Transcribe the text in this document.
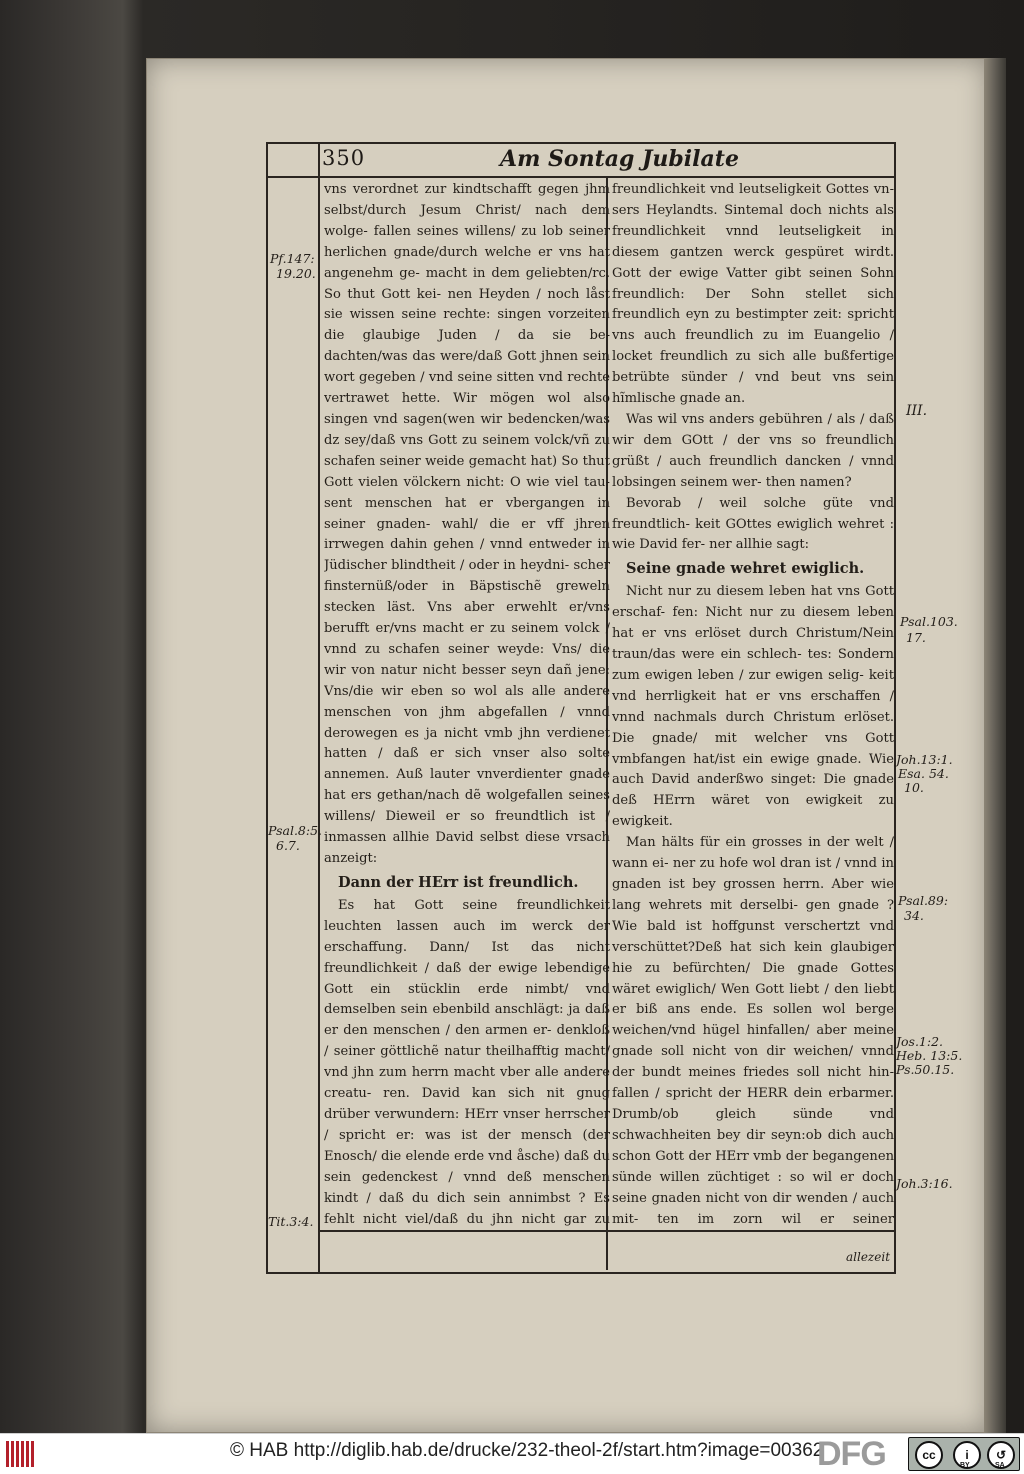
350	Am Sontag Jubilate
Pf.147:
19.20.
Psal.8:5.
6.7.
Tit.3:4.
III.
Psal.103.
17.
Joh.13:1.
Esa. 54.
10.
Psal.89:
34.
Jos.1:2.
Heb. 13:5.
Ps.50.15.
Joh.3:16.

vns verordnet zur kindtschafft gegen jhm selbst/durch Jesum Christ/ nach dem wolge- fallen seines willens/ zu lob seiner herlichen gnade/durch welche er vns hat angenehm ge- macht in dem geliebten/rc. So thut Gott kei- nen Heyden / noch låst sie wissen seine rechte: singen vorzeiten die glaubige Juden / da sie be- dachten/was das were/daß Gott jhnen sein wort gegeben / vnd seine sitten vnd rechte vertrawet hette. Wir mögen wol also singen vnd sagen(wen wir bedencken/was dz sey/daß vns Gott zu seinem volck/vñ zu schafen seiner weide gemacht hat) So thut Gott vielen völckern nicht: O wie viel tau- sent menschen hat er vbergangen in seiner gnaden- wahl/ die er vff jhren irrwegen dahin gehen / vnnd entweder in Jüdischer blindtheit / oder in heydni- scher finsternüß/oder in Bäpstischẽ greweln stecken läst. Vns aber erwehlt er/vns berufft er/vns macht er zu seinem volck / vnnd zu schafen seiner weyde: Vns/ die wir von natur nicht besser seyn dañ jene: Vns/die wir eben so wol als alle andere menschen von jhm abgefallen / vnnd derowegen es ja nicht vmb jhn verdienet hatten / daß er sich vnser also solte annemen. Auß lauter vnverdienter gnade hat ers gethan/nach dẽ wolgefallen seines willens/ Dieweil er so freundtlich ist / inmassen allhie David selbst diese vrsach anzeigt:

Dann der HErr ist freundlich.

Es hat Gott seine freundlichkeit leuchten lassen auch im werck der erschaffung. Dann/ Ist das nicht freundlichkeit / daß der ewige lebendige Gott ein stücklin erde nimbt/ vnd demselben sein ebenbild anschlägt: ja daß er den menschen / den armen er- denkloß / seiner göttlichẽ natur theilhafftig macht/ vnd jhn zum herrn macht vber alle andere creatu- ren. David kan sich nit gnug drüber verwundern: HErr vnser herrscher / spricht er: was ist der mensch (der Enosch/ die elende erde vnd åsche) daß du sein gedenckest / vnnd deß menschen kindt / daß du dich sein annimbst ? Es fehlt nicht viel/daß du jhn nicht gar zu

freundlichkeit vnd leutseligkeit Gottes vn- sers Heylandts. Sintemal doch nichts als freundlichkeit vnnd leutseligkeit in diesem gantzen werck gespüret wirdt. Gott der ewige Vatter gibt seinen Sohn freundlich: Der Sohn stellet sich freundlich eyn zu bestimpter zeit: spricht vns auch freundlich zu im Euangelio / locket freundlich zu sich alle bußfertige betrübte sünder / vnd beut vns sein hĩmlische gnade an.

Was wil vns anders gebühren / als / daß wir dem GOtt / der vns so freundlich grüßt / auch freundlich dancken / vnnd lobsingen seinem wer- then namen?

Bevorab / weil solche güte vnd freundtlich- keit GOttes ewiglich wehret : wie David fer- ner allhie sagt:

Seine gnade wehret ewiglich.

Nicht nur zu diesem leben hat vns Gott erschaf- fen: Nicht nur zu diesem leben hat er vns erlöset durch Christum/Nein traun/das were ein schlech- tes: Sondern zum ewigen leben / zur ewigen selig- keit vnd herrligkeit hat er vns erschaffen / vnnd nachmals durch Christum erlöset. Die gnade/ mit welcher vns Gott vmbfangen hat/ist ein ewige gnade. Wie auch David anderßwo singet: Die gnade deß HErrn wäret von ewigkeit zu ewigkeit.

Man hälts für ein grosses in der welt / wann ei- ner zu hofe wol dran ist / vnnd in gnaden ist bey grossen herrn. Aber wie lang wehrets mit derselbi- gen gnade ? Wie bald ist hoffgunst verschertzt vnd verschüttet?Deß hat sich kein glaubiger hie zu befürchten/ Die gnade Gottes wäret ewiglich/ Wen Gott liebt / den liebt er biß ans ende. Es sollen wol berge weichen/vnd hügel hinfallen/ aber meine gnade soll nicht von dir weichen/ vnnd der bundt meines friedes soll nicht hin- fallen / spricht der HERR dein erbarmer. Drumb/ob gleich sünde vnd schwachheiten bey dir seyn:ob dich auch schon Gott der HErr vmb der begangenen sünde willen züchtiget : so wil er doch seine gnaden nicht von dir wenden / auch mit- ten im zorn wil er seiner

allezeit
© HAB http://diglib.hab.de/drucke/232-theol-2f/start.htm?image=00362
DFG	cc	i	↺
BY	SA
